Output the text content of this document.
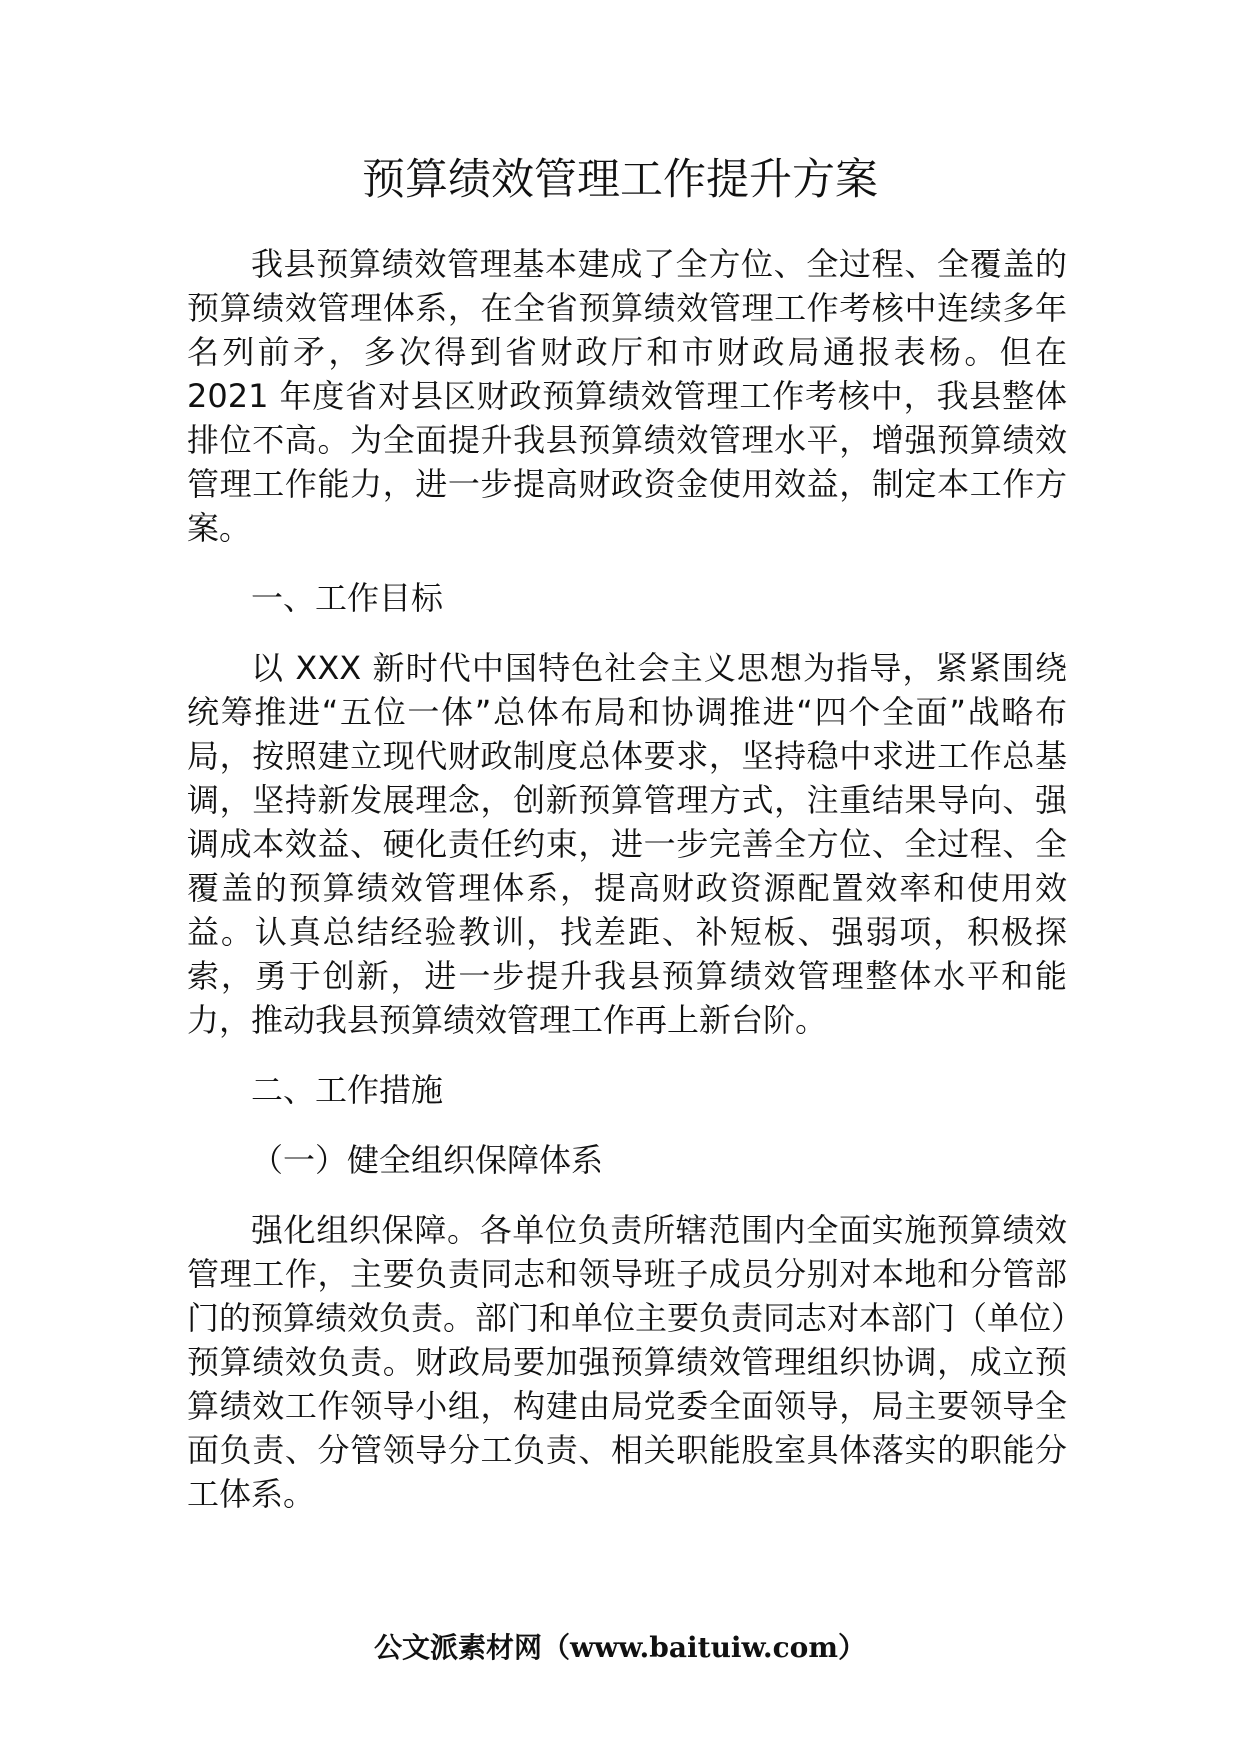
预算绩效管理工作提升方案

我县预算绩效管理基本建成了全方位、全过程、全覆盖的预算绩效管理体系，在全省预算绩效管理工作考核中连续多年名列前矛，多次得到省财政厅和市财政局通报表杨。但在 2021 年度省对县区财政预算绩效管理工作考核中，我县整体排位不高。为全面提升我县预算绩效管理水平，增强预算绩效管理工作能力，进一步提高财政资金使用效益，制定本工作方案。

一、工作目标

以 XXX 新时代中国特色社会主义思想为指导，紧紧围绕统筹推进“五位一体”总体布局和协调推进“四个全面”战略布局，按照建立现代财政制度总体要求，坚持稳中求进工作总基调，坚持新发展理念，创新预算管理方式，注重结果导向、强调成本效益、硬化责任约束，进一步完善全方位、全过程、全覆盖的预算绩效管理体系，提高财政资源配置效率和使用效益。认真总结经验教训，找差距、补短板、强弱项，积极探索，勇于创新，进一步提升我县预算绩效管理整体水平和能力，推动我县预算绩效管理工作再上新台阶。

二、工作措施

（一）健全组织保障体系

强化组织保障。各单位负责所辖范围内全面实施预算绩效管理工作，主要负责同志和领导班子成员分别对本地和分管部门的预算绩效负责。部门和单位主要负责同志对本部门（单位）预算绩效负责。财政局要加强预算绩效管理组织协调，成立预算绩效工作领导小组，构建由局党委全面领导，局主要领导全面负责、分管领导分工负责、相关职能股室具体落实的职能分工体系。

公文派素材网（www.baituiw.com）
